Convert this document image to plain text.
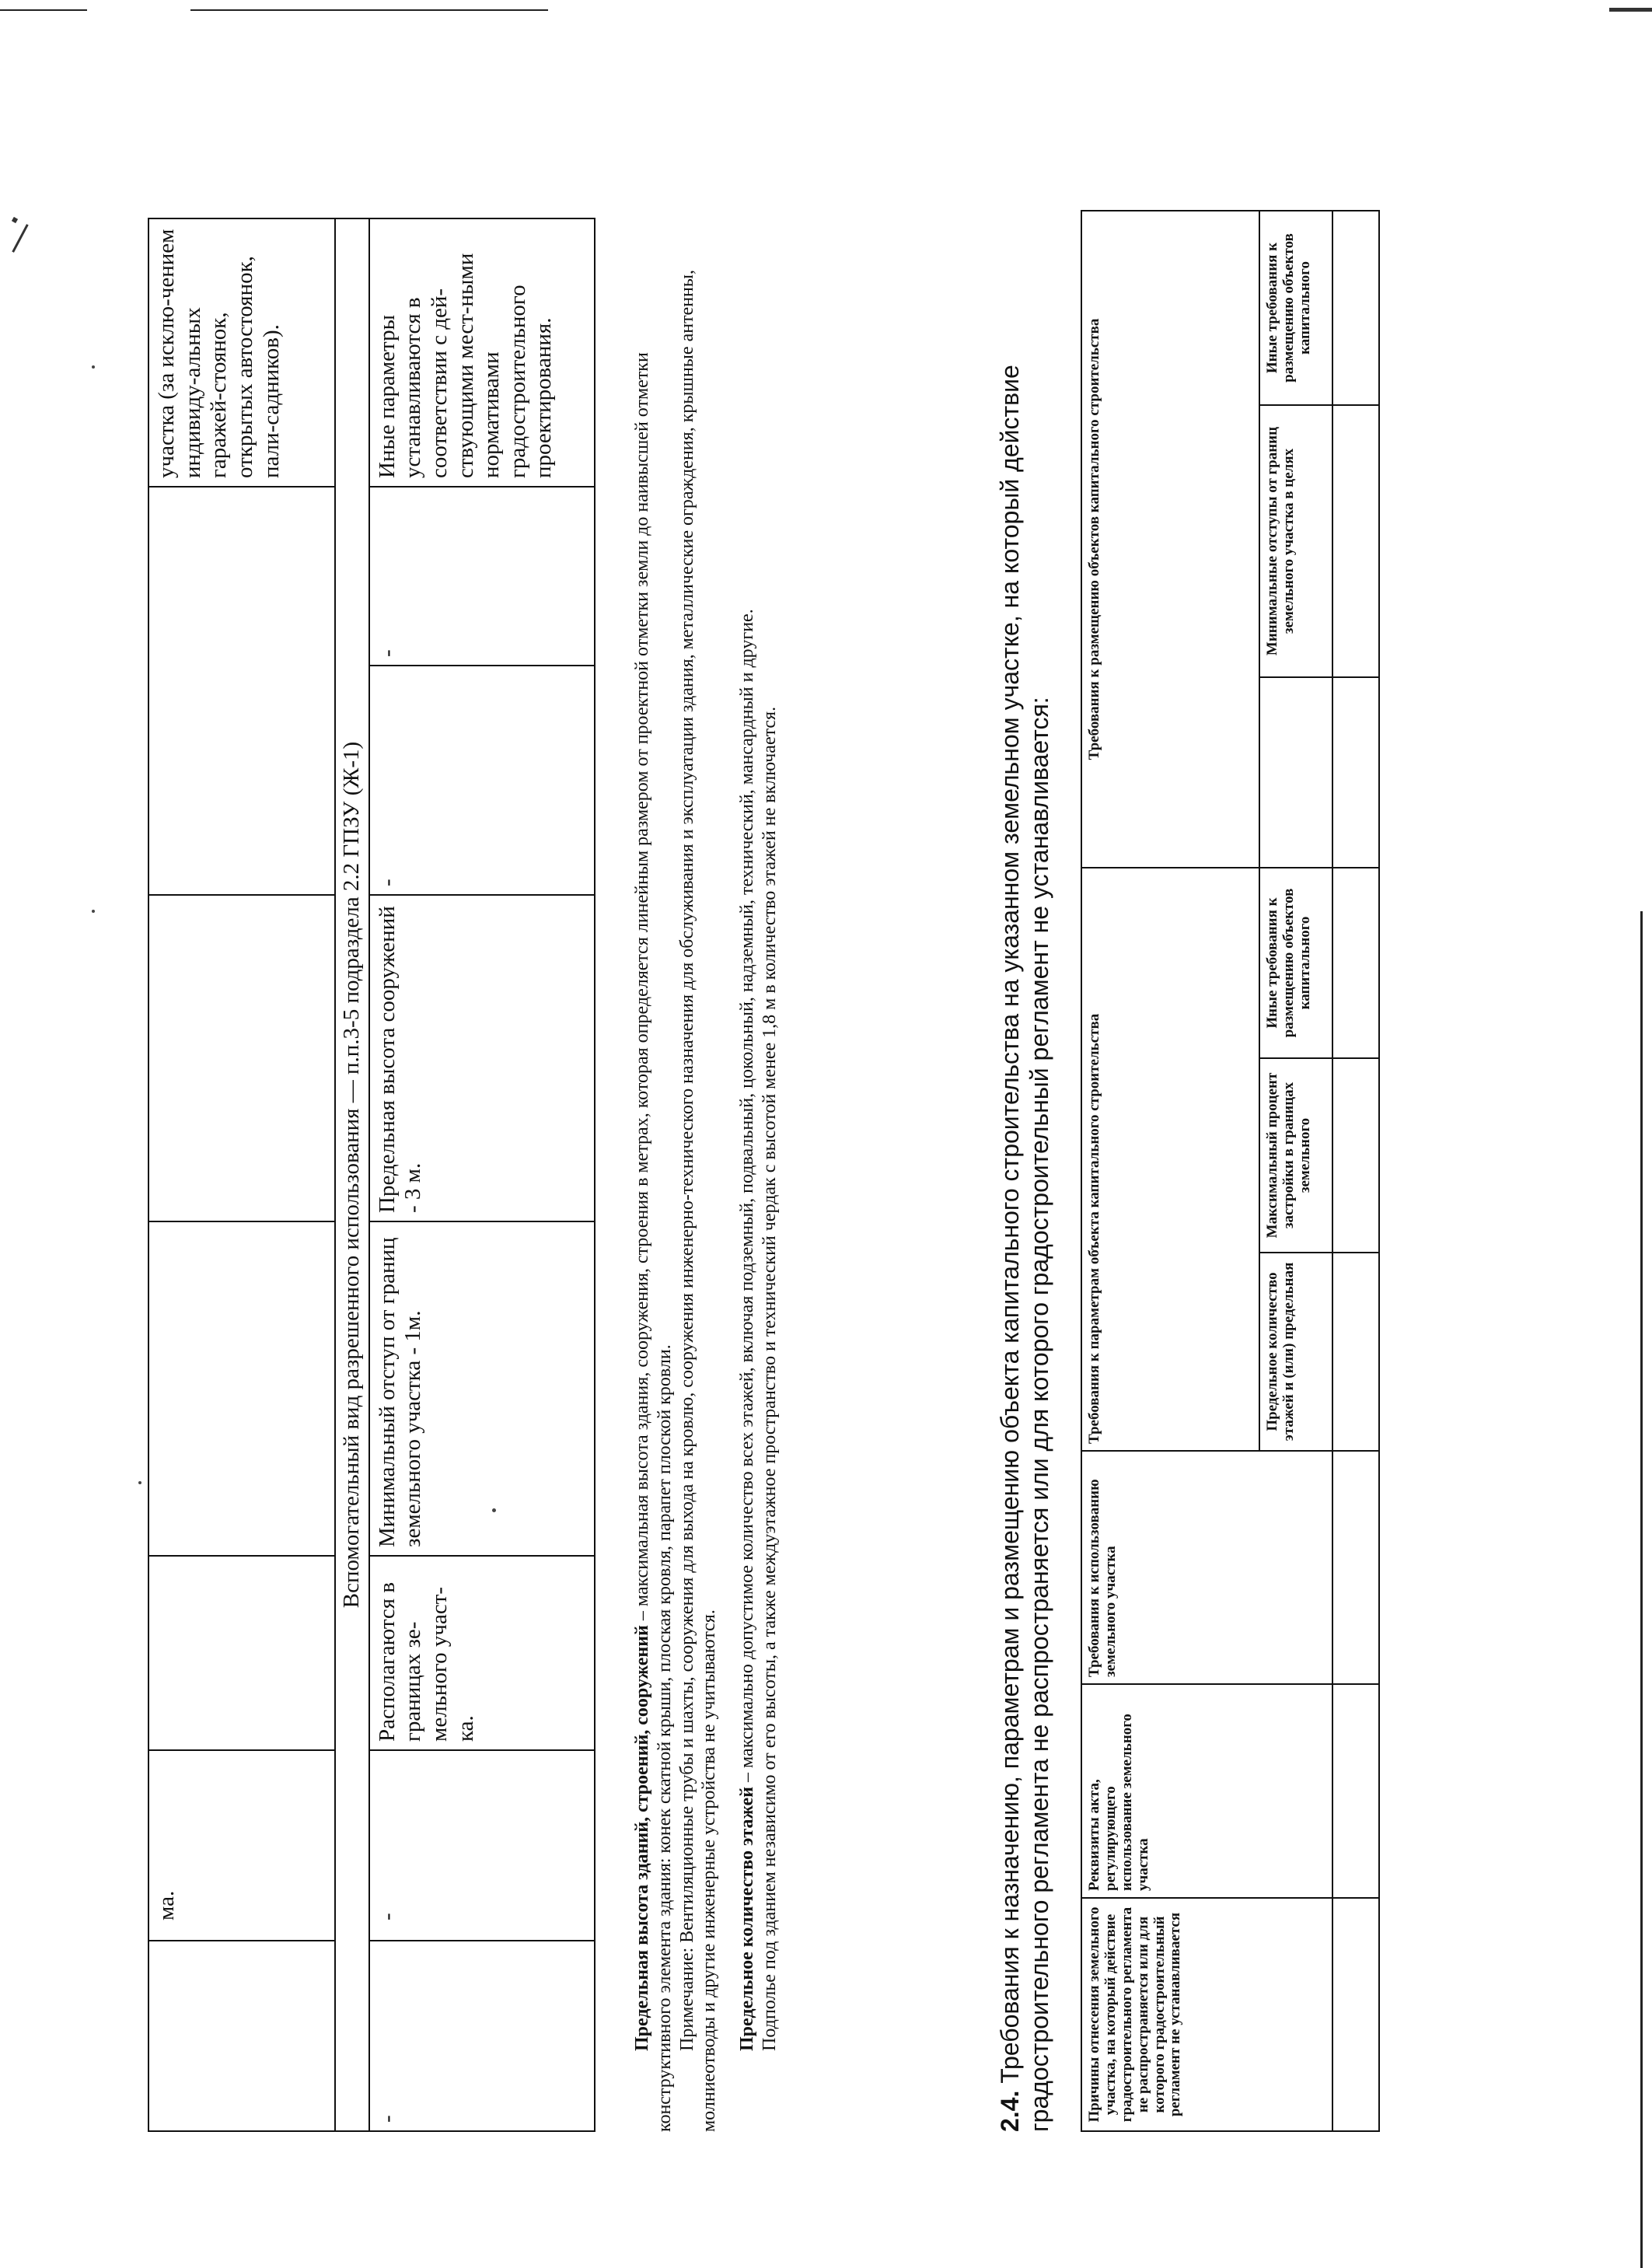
	ма.						участка (за исклю-чением индивиду-альных гаражей-стоянок, открытых автостоянок, пали-садников).
Вспомогательный вид разрешенного использования — п.п.3-5 подраздела 2.2 ГПЗУ (Ж-1)							
-	-	Располагаются в границах зе-мельного участ-ка.	Минимальный отступ от границ земельного участка - 1м.	Предельная высота сооружений - 3 м.	-	-	Иные параметры устанавливаются в соответствии с дей-ствующими мест-ными нормативами градостроительного проектирования.

Предельная высота зданий, строений, сооружений – максимальная высота здания, сооружения, строения в метрах, которая определяется линейным размером от проектной отметки земли до наивысшей отметки конструктивного элемента здания: конек скатной крыши, плоская кровля, парапет плоской кровли. Примечание: Вентиляционные трубы и шахты, сооружения для выхода на кровлю, сооружения инженерно-технического назначения для обслуживания и эксплуатации здания, металлические ограждения, крышные антенны, молниеотводы и другие инженерные устройства не учитываются. Предельное количество этажей – максимально допустимое количество всех этажей, включая подземный, подвальный, цокольный, надземный, технический, мансардный и другие. Подполье под зданием независимо от его высоты, а также междуэтажное пространство и технический чердак с высотой менее 1,8 м в количество этажей не включается.

2.4. Требования к назначению, параметрам и размещению объекта капитального строительства на указанном земельном участке, на который действие градостроительного регламента не распространяется или для которого градостроительный регламент не устанавливается: Причины отнесения земельного участка, на который действие градостроительного регламента не распространяется или для которого градостроительный регламент не устанавливается	Реквизиты акта, регулирующего использование земельного участка	Требования к использованию земельного участка	Требования к параметрам объекта капитального строительства			Требования к размещению объектов капитального строительства		
			Предельное количество этажей и (или) предельная	Максимальный процент застройки в границах земельного	Иные требования к размещению объектов капитального		Минимальные отступы от границ земельного участка в целях	Иные требования к размещению объектов капитального
